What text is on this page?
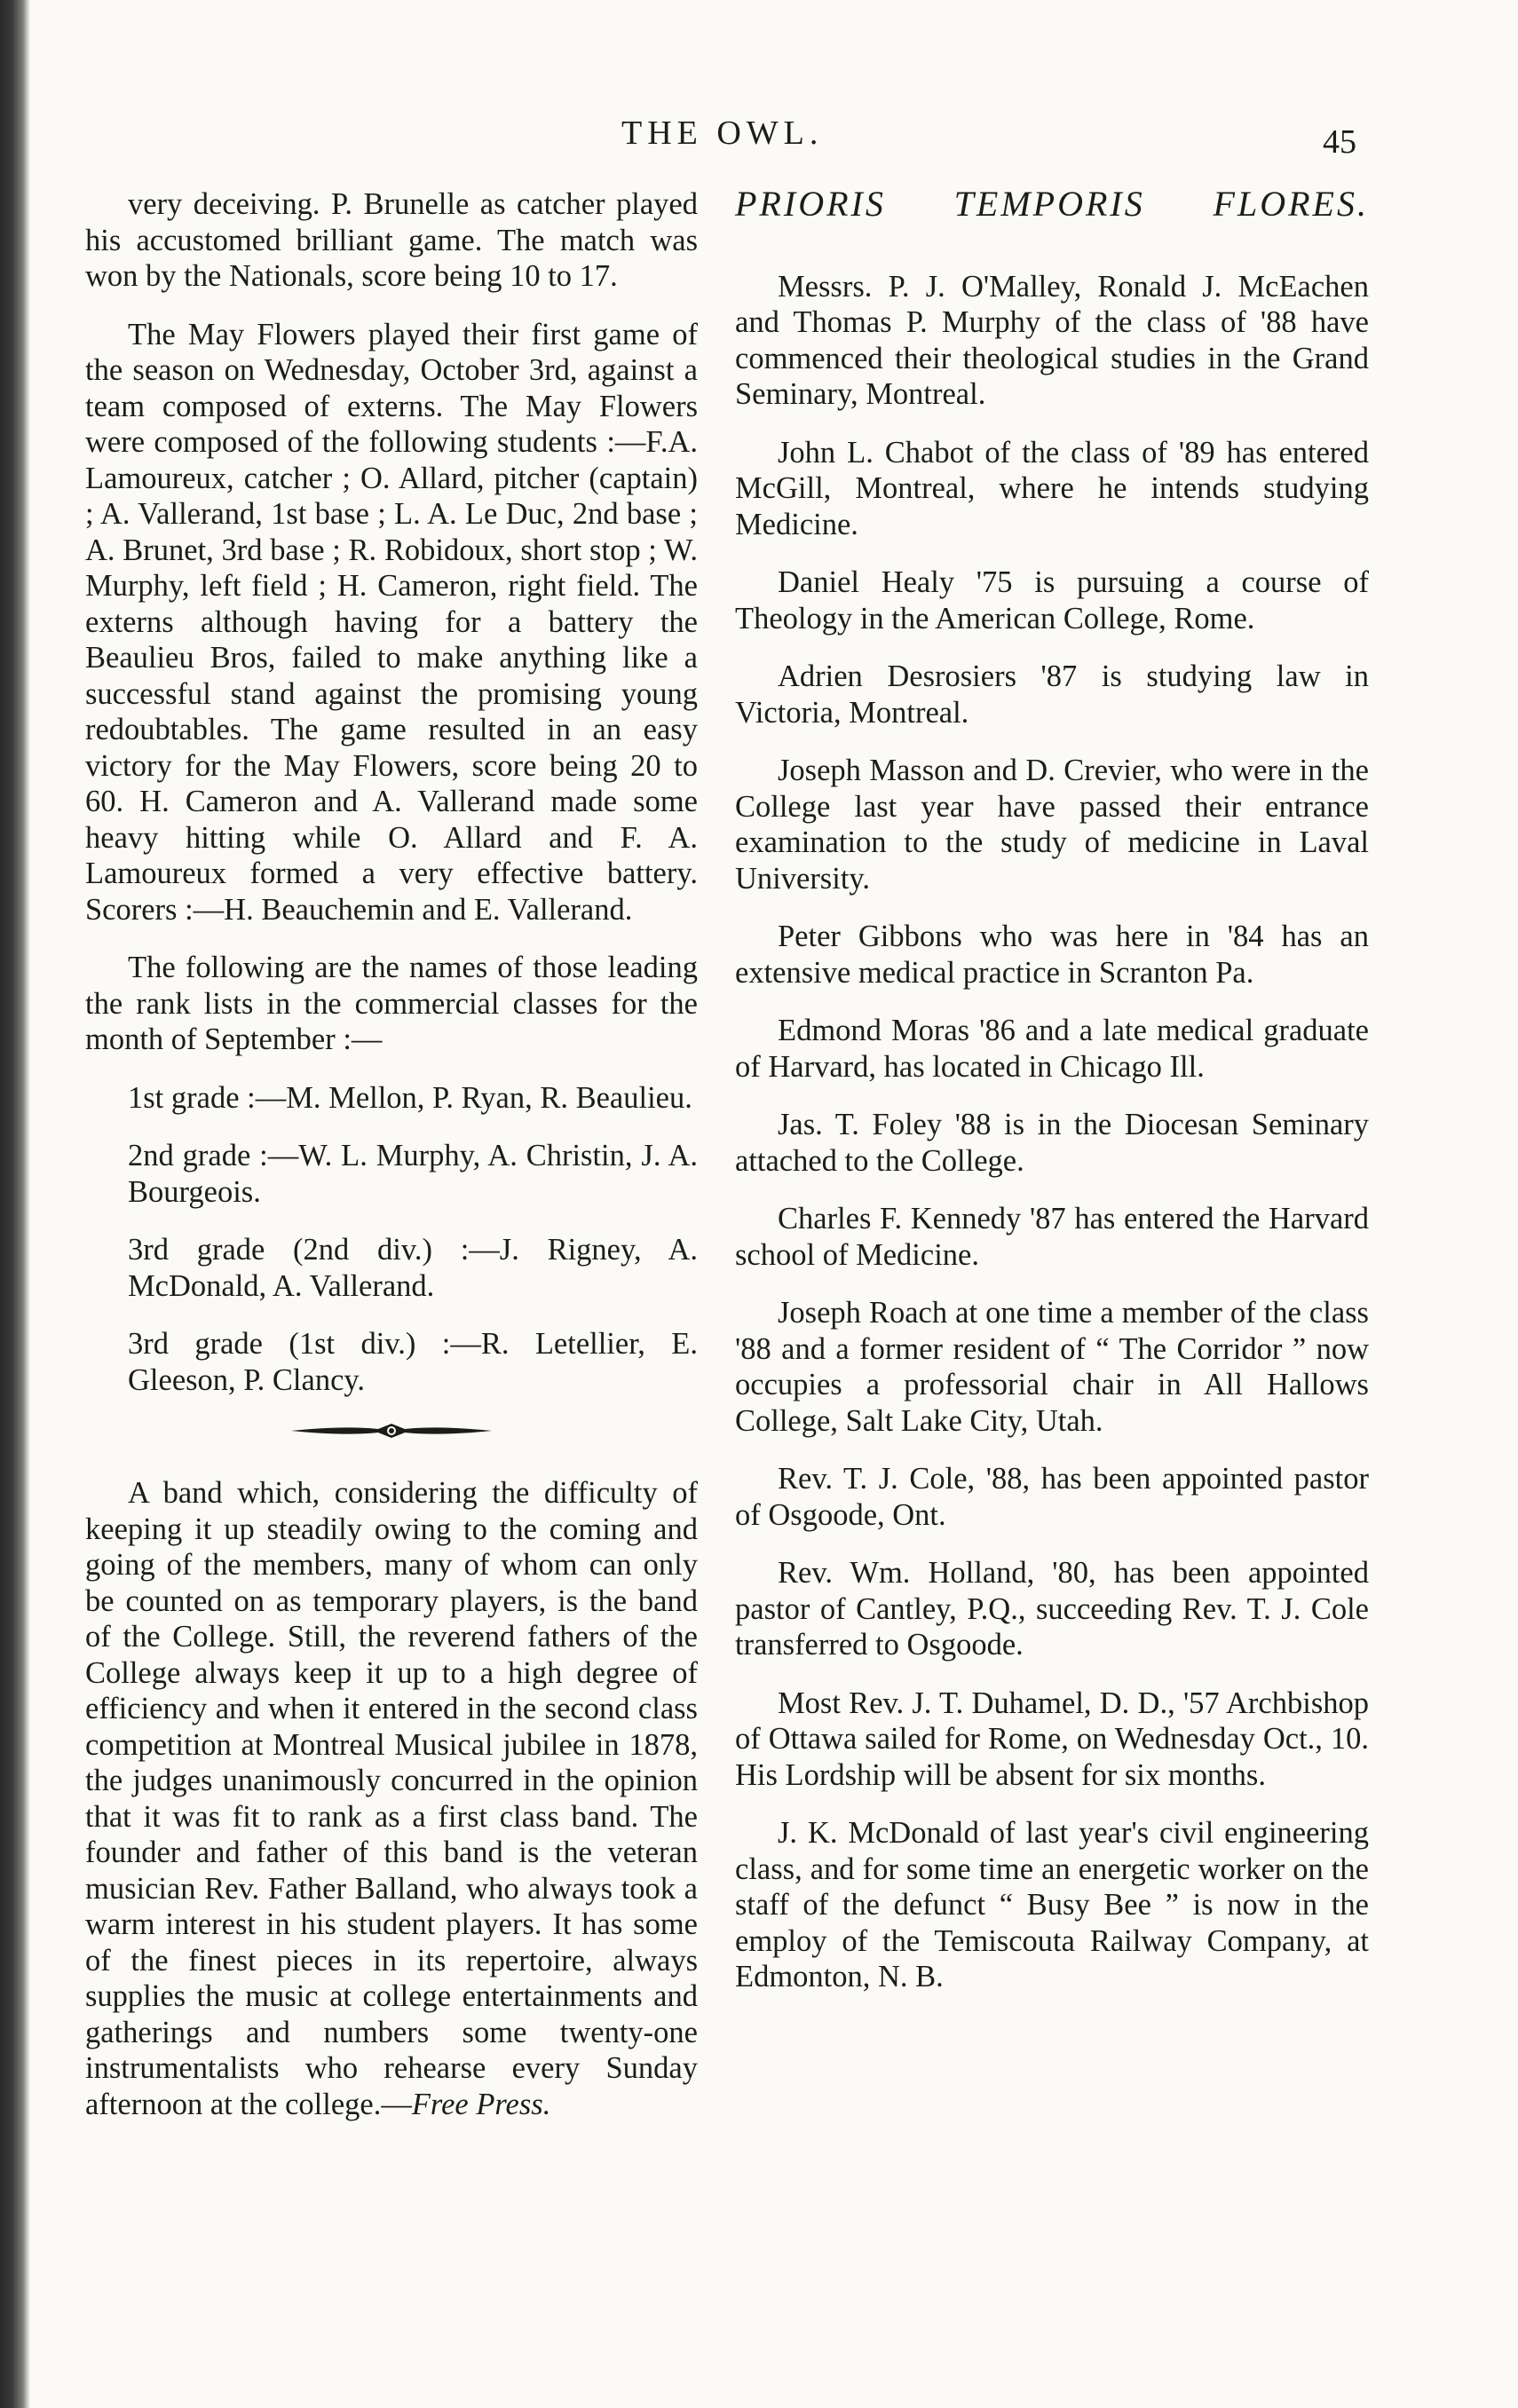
THE OWL.	45

very deceiving. P. Brunelle as catcher played his accustomed brilliant game. The match was won by the Nationals, score being 10 to 17.

The May Flowers played their first game of the season on Wednesday, October 3rd, against a team composed of externs. The May Flowers were composed of the following students :—F.A. Lamoureux, catcher ; O. Allard, pitcher (captain) ; A. Vallerand, 1st base ; L. A. Le Duc, 2nd base ; A. Brunet, 3rd base ; R. Robidoux, short stop ; W. Murphy, left field ; H. Cameron, right field. The externs although having for a battery the Beaulieu Bros, failed to make anything like a successful stand against the promising young redoubtables. The game resulted in an easy victory for the May Flowers, score being 20 to 60. H. Cameron and A. Vallerand made some heavy hitting while O. Allard and F. A. Lamoureux formed a very effective battery. Scorers :—H. Beauchemin and E. Vallerand.

The following are the names of those leading the rank lists in the commercial classes for the month of September :—

1st grade :—M. Mellon, P. Ryan, R. Beaulieu.

2nd grade :—W. L. Murphy, A. Christin, J. A. Bourgeois.

3rd grade (2nd div.) :—J. Rigney, A. McDonald, A. Vallerand.

3rd grade (1st div.) :—R. Letellier, E. Gleeson, P. Clancy.

A band which, considering the difficulty of keeping it up steadily owing to the coming and going of the members, many of whom can only be counted on as temporary players, is the band of the College. Still, the reverend fathers of the College always keep it up to a high degree of efficiency and when it entered in the second class competition at Montreal Musical jubilee in 1878, the judges unanimously concurred in the opinion that it was fit to rank as a first class band. The founder and father of this band is the veteran musician Rev. Father Balland, who always took a warm interest in his student players. It has some of the finest pieces in its repertoire, always supplies the music at college entertainments and gatherings and numbers some twenty-one instrumentalists who rehearse every Sunday afternoon at the college.—Free Press.

PRIORIS TEMPORIS FLORES.

Messrs. P. J. O'Malley, Ronald J. McEachen and Thomas P. Murphy of the class of '88 have commenced their theological studies in the Grand Seminary, Montreal.

John L. Chabot of the class of '89 has entered McGill, Montreal, where he intends studying Medicine.

Daniel Healy '75 is pursuing a course of Theology in the American College, Rome.

Adrien Desrosiers '87 is studying law in Victoria, Montreal.

Joseph Masson and D. Crevier, who were in the College last year have passed their entrance examination to the study of medicine in Laval University.

Peter Gibbons who was here in '84 has an extensive medical practice in Scranton Pa.

Edmond Moras '86 and a late medical graduate of Harvard, has located in Chicago Ill.

Jas. T. Foley '88 is in the Diocesan Seminary attached to the College.

Charles F. Kennedy '87 has entered the Harvard school of Medicine.

Joseph Roach at one time a member of the class '88 and a former resident of “ The Corridor ” now occupies a professorial chair in All Hallows College, Salt Lake City, Utah.

Rev. T. J. Cole, '88, has been appointed pastor of Osgoode, Ont.

Rev. Wm. Holland, '80, has been appointed pastor of Cantley, P.Q., succeeding Rev. T. J. Cole transferred to Osgoode.

Most Rev. J. T. Duhamel, D. D., '57 Archbishop of Ottawa sailed for Rome, on Wednesday Oct., 10. His Lordship will be absent for six months.

J. K. McDonald of last year's civil engineering class, and for some time an energetic worker on the staff of the defunct “ Busy Bee ” is now in the employ of the Temiscouta Railway Company, at Edmonton, N. B.
